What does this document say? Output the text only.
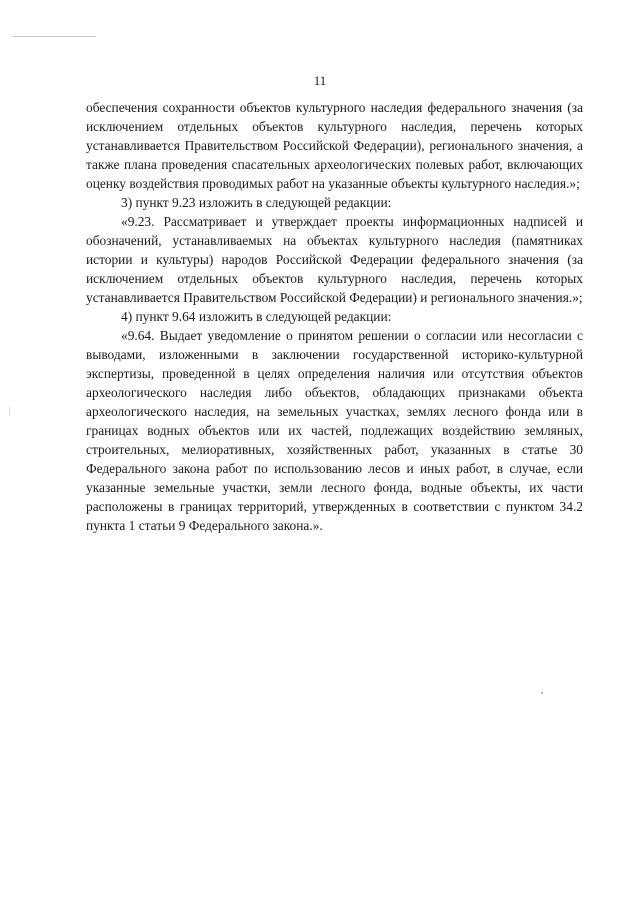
11

обеспечения сохранности объектов культурного наследия федерального значения (за исключением отдельных объектов культурного наследия, перечень которых устанавливается Правительством Российской Федерации), регионального значения, а также плана проведения спасательных археологических полевых работ, включающих оценку воздействия проводимых работ на указанные объекты культурного наследия.»;

3) пункт 9.23 изложить в следующей редакции:

«9.23. Рассматривает и утверждает проекты информационных надписей и обозначений, устанавливаемых на объектах культурного наследия (памятниках истории и культуры) народов Российской Федерации федерального значения (за исключением отдельных объектов культурного наследия, перечень которых устанавливается Правительством Российской Федерации) и регионального значения.»;

4) пункт 9.64 изложить в следующей редакции:

«9.64. Выдает уведомление о принятом решении о согласии или несогласии с выводами, изложенными в заключении государственной историко-культурной экспертизы, проведенной в целях определения наличия или отсутствия объектов археологического наследия либо объектов, обладающих признаками объекта археологического наследия, на земельных участках, землях лесного фонда или в границах водных объектов или их частей, подлежащих воздействию земляных, строительных, мелиоративных, хозяйственных работ, указанных в статье 30 Федерального закона работ по использованию лесов и иных работ, в случае, если указанные земельные участки, земли лесного фонда, водные объекты, их части расположены в границах территорий, утвержденных в соответствии с пунктом 34.2 пункта 1 статьи 9 Федерального закона.».
